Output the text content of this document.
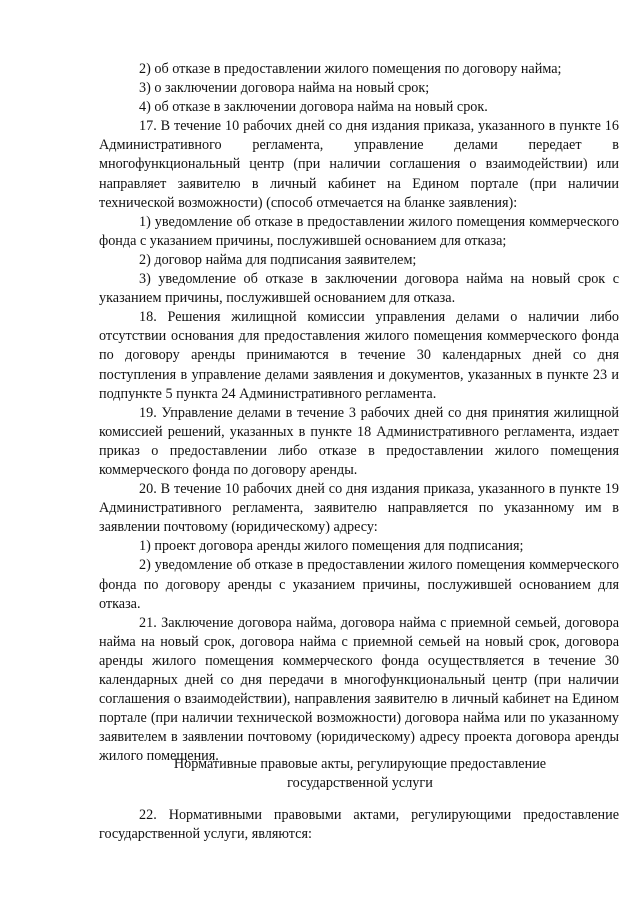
2) об отказе в предоставлении жилого помещения по договору найма;

3) о заключении договора найма на новый срок;

4) об отказе в заключении договора найма на новый срок.

17. В течение 10 рабочих дней со дня издания приказа, указанного в пункте 16 Административного регламента, управление делами передает в многофункциональный центр (при наличии соглашения о взаимодействии) или направляет заявителю в личный кабинет на Едином портале (при наличии технической возможности) (способ отмечается на бланке заявления):

1) уведомление об отказе в предоставлении жилого помещения коммерческого фонда с указанием причины, послужившей основанием для отказа;

2) договор найма для подписания заявителем;

3) уведомление об отказе в заключении договора найма на новый срок с указанием причины, послужившей основанием для отказа.

18. Решения жилищной комиссии управления делами о наличии либо отсутствии основания для предоставления жилого помещения коммерческого фонда по договору аренды принимаются в течение 30 календарных дней со дня поступления в управление делами заявления и документов, указанных в пункте 23 и подпункте 5 пункта 24 Административного регламента.

19. Управление делами в течение 3 рабочих дней со дня принятия жилищной комиссией решений, указанных в пункте 18 Административного регламента, издает приказ о предоставлении либо отказе в предоставлении жилого помещения коммерческого фонда по договору аренды.

20. В течение 10 рабочих дней со дня издания приказа, указанного в пункте 19 Административного регламента, заявителю направляется по указанному им в заявлении почтовому (юридическому) адресу:

1) проект договора аренды жилого помещения для подписания;

2) уведомление об отказе в предоставлении жилого помещения коммерческого фонда по договору аренды с указанием причины, послужившей основанием для отказа.

21. Заключение договора найма, договора найма с приемной семьей, договора найма на новый срок, договора найма с приемной семьей на новый срок, договора аренды жилого помещения коммерческого фонда осуществляется в течение 30 календарных дней со дня передачи в многофункциональный центр (при наличии соглашения о взаимодействии), направления заявителю в личный кабинет на Едином портале (при наличии технической возможности) договора найма или по указанному заявителем в заявлении почтовому (юридическому) адресу проекта договора аренды жилого помещения.

Нормативные правовые акты, регулирующие предоставление

государственной услуги

22. Нормативными правовыми актами, регулирующими предоставление государственной услуги, являются:
